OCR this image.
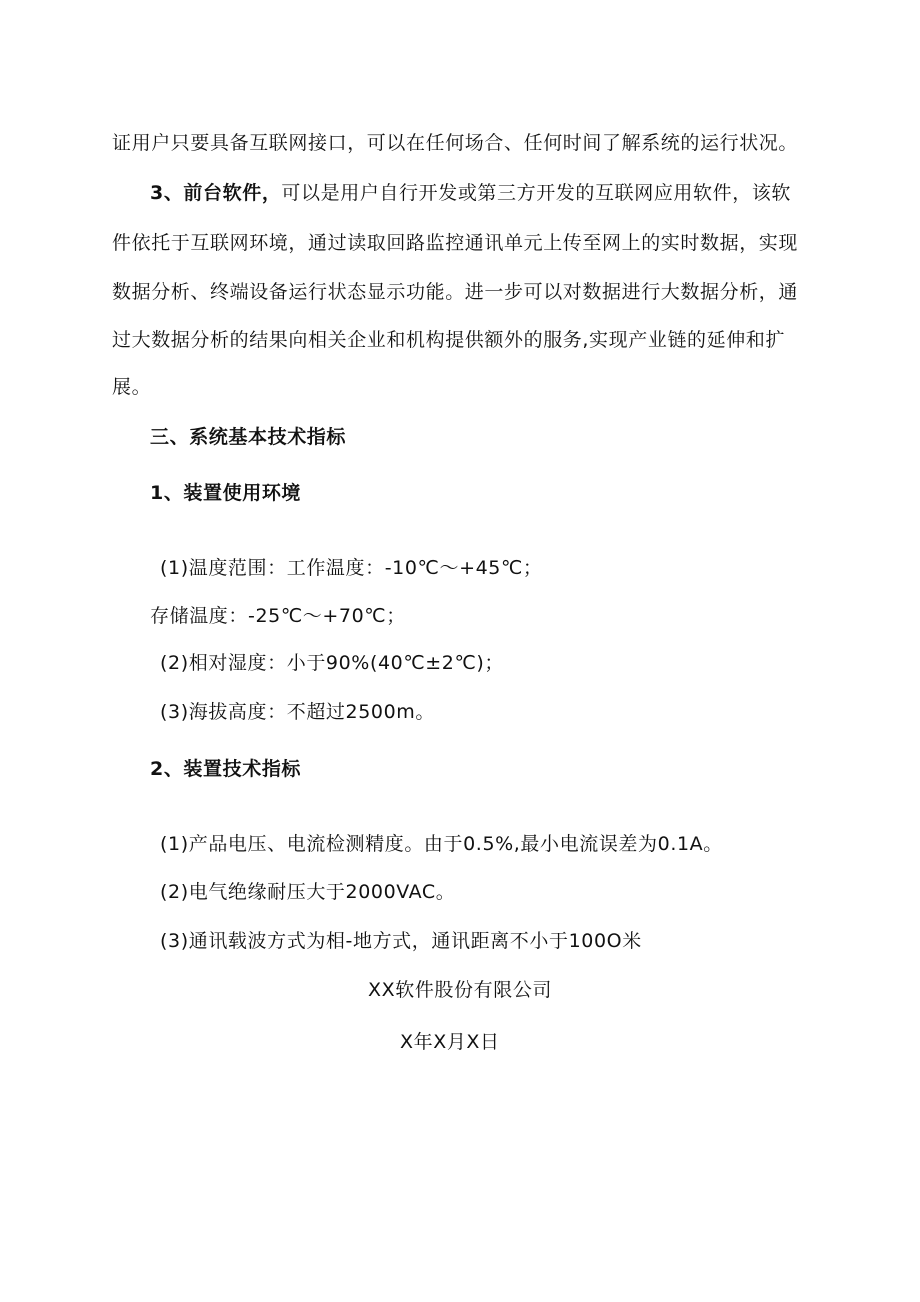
证用户只要具备互联网接口，可以在任何场合、任何时间了解系统的运行状况。
3、前台软件，可以是用户自行开发或第三方开发的互联网应用软件，该软
件依托于互联网环境，通过读取回路监控通讯单元上传至网上的实时数据，实现
数据分析、终端设备运行状态显示功能。进一步可以对数据进行大数据分析，通
过大数据分析的结果向相关企业和机构提供额外的服务,实现产业链的延伸和扩
展。
三、系统基本技术指标
1、装置使用环境
(1)温度范围：工作温度：-10℃～+45℃；
存储温度：-25℃～+70℃；
(2)相对湿度：小于90%(40℃±2℃)；
(3)海拔高度：不超过2500m。
2、装置技术指标
(1)产品电压、电流检测精度。由于0.5%,最小电流误差为0.1A。
(2)电气绝缘耐压大于2000VAC。
(3)通讯载波方式为相-地方式，通讯距离不小于100O米
XX软件股份有限公司
X年X月X日
